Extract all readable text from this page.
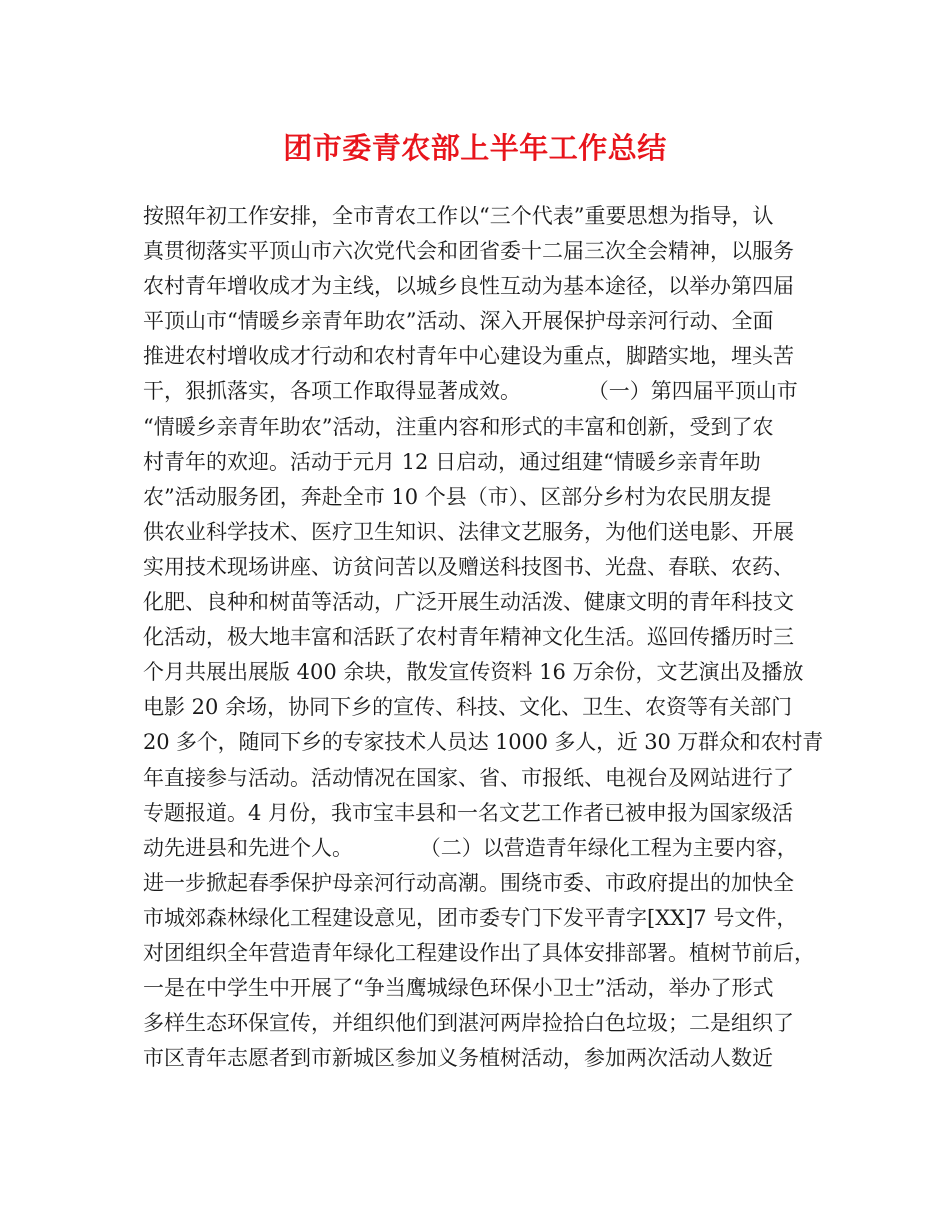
团市委青农部上半年工作总结
按照年初工作安排，全市青农工作以“三个代表”重要思想为指导，认
真贯彻落实平顶山市六次党代会和团省委十二届三次全会精神，以服务
农村青年增收成才为主线，以城乡良性互动为基本途径，以举办第四届
平顶山市“情暖乡亲青年助农”活动、深入开展保护母亲河行动、全面
推进农村增收成才行动和农村青年中心建设为重点，脚踏实地，埋头苦
干，狠抓落实，各项工作取得显著成效。          （一）第四届平顶山市
“情暖乡亲青年助农”活动，注重内容和形式的丰富和创新，受到了农
村青年的欢迎。活动于元月 12 日启动，通过组建“情暖乡亲青年助
农”活动服务团，奔赴全市 10 个县（市）、区部分乡村为农民朋友提
供农业科学技术、医疗卫生知识、法律文艺服务，为他们送电影、开展
实用技术现场讲座、访贫问苦以及赠送科技图书、光盘、春联、农药、
化肥、良种和树苗等活动，广泛开展生动活泼、健康文明的青年科技文
化活动，极大地丰富和活跃了农村青年精神文化生活。巡回传播历时三
个月共展出展版 400 余块，散发宣传资料 16 万余份，文艺演出及播放
电影 20 余场，协同下乡的宣传、科技、文化、卫生、农资等有关部门
20 多个，随同下乡的专家技术人员达 1000 多人，近 30 万群众和农村青
年直接参与活动。活动情况在国家、省、市报纸、电视台及网站进行了
专题报道。4 月份，我市宝丰县和一名文艺工作者已被申报为国家级活
动先进县和先进个人。          （二）以营造青年绿化工程为主要内容，
进一步掀起春季保护母亲河行动高潮。围绕市委、市政府提出的加快全
市城郊森林绿化工程建设意见，团市委专门下发平青字[XX]7 号文件，
对团组织全年营造青年绿化工程建设作出了具体安排部署。植树节前后，
一是在中学生中开展了“争当鹰城绿色环保小卫士”活动，举办了形式
多样生态环保宣传，并组织他们到湛河两岸捡拾白色垃圾；二是组织了
市区青年志愿者到市新城区参加义务植树活动，参加两次活动人数近
